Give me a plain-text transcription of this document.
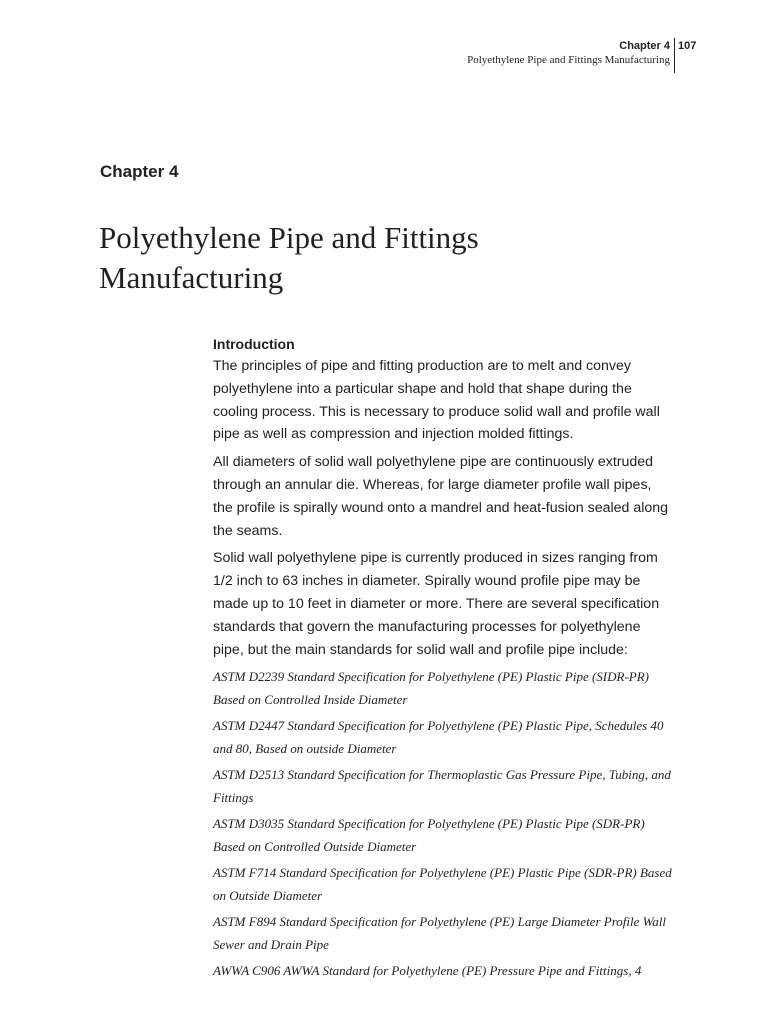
Chapter 4
Polyethylene Pipe and Fittings Manufacturing
107
Chapter 4
Polyethylene Pipe and Fittings
Manufacturing
Introduction

The principles of pipe and fitting production are to melt and convey polyethylene into a particular shape and hold that shape during the cooling process. This is necessary to produce solid wall and profile wall pipe as well as compression and injection molded fittings.

All diameters of solid wall polyethylene pipe are continuously extruded through an annular die. Whereas, for large diameter profile wall pipes, the profile is spirally wound onto a mandrel and heat-fusion sealed along the seams.

Solid wall polyethylene pipe is currently produced in sizes ranging from 1/2 inch to 63 inches in diameter. Spirally wound profile pipe may be made up to 10 feet in diameter or more. There are several specification standards that govern the manufacturing processes for polyethylene pipe, but the main standards for solid wall and profile pipe include:

ASTM D2239 Standard Specification for Polyethylene (PE) Plastic Pipe (SIDR-PR) Based on Controlled Inside Diameter

ASTM D2447 Standard Specification for Polyethylene (PE) Plastic Pipe, Schedules 40 and 80, Based on outside Diameter

ASTM D2513 Standard Specification for Thermoplastic Gas Pressure Pipe, Tubing, and Fittings

ASTM D3035 Standard Specification for Polyethylene (PE) Plastic Pipe (SDR-PR) Based on Controlled Outside Diameter

ASTM F714 Standard Specification for Polyethylene (PE) Plastic Pipe (SDR-PR) Based on Outside Diameter

ASTM F894 Standard Specification for Polyethylene (PE) Large Diameter Profile Wall Sewer and Drain Pipe

AWWA C906 AWWA Standard for Polyethylene (PE) Pressure Pipe and Fittings, 4
